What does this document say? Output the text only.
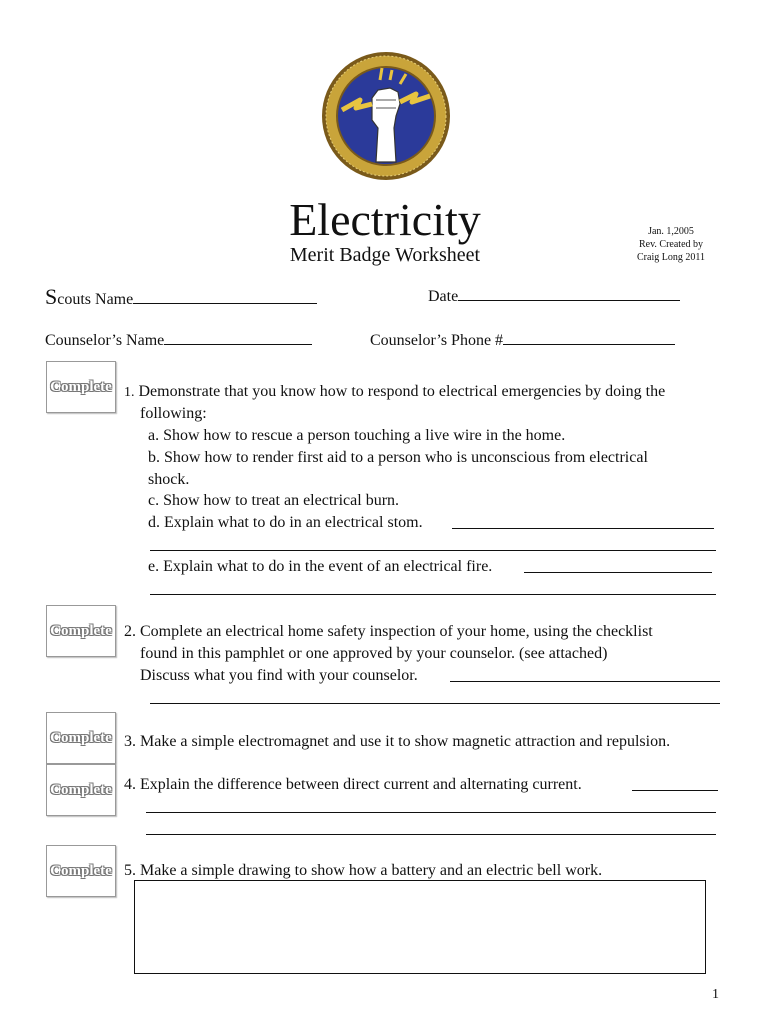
Electricity
Merit Badge Worksheet
Jan. 1,2005
Rev. Created by
Craig Long 2011
Scouts Name	Date
Counselor’s Name	Counselor’s Phone #
Complete 1. Demonstrate that you know how to respond to electrical emergencies by doing the
following:
a. Show how to rescue a person touching a live wire in the home.
b. Show how to render first aid to a person who is unconscious from electrical
shock.
c. Show how to treat an electrical burn.
d. Explain what to do in an electrical stom.
e. Explain what to do in the event of an electrical fire.
Complete 2. Complete an electrical home safety inspection of your home, using the checklist
found in this pamphlet or one approved by your counselor. (see attached)
Discuss what you find with your counselor.
Complete 3. Make a simple electromagnet and use it to show magnetic attraction and repulsion.
Complete 4. Explain the difference between direct current and alternating current.
Complete 5. Make a simple drawing to show how a battery and an electric bell work.
1
